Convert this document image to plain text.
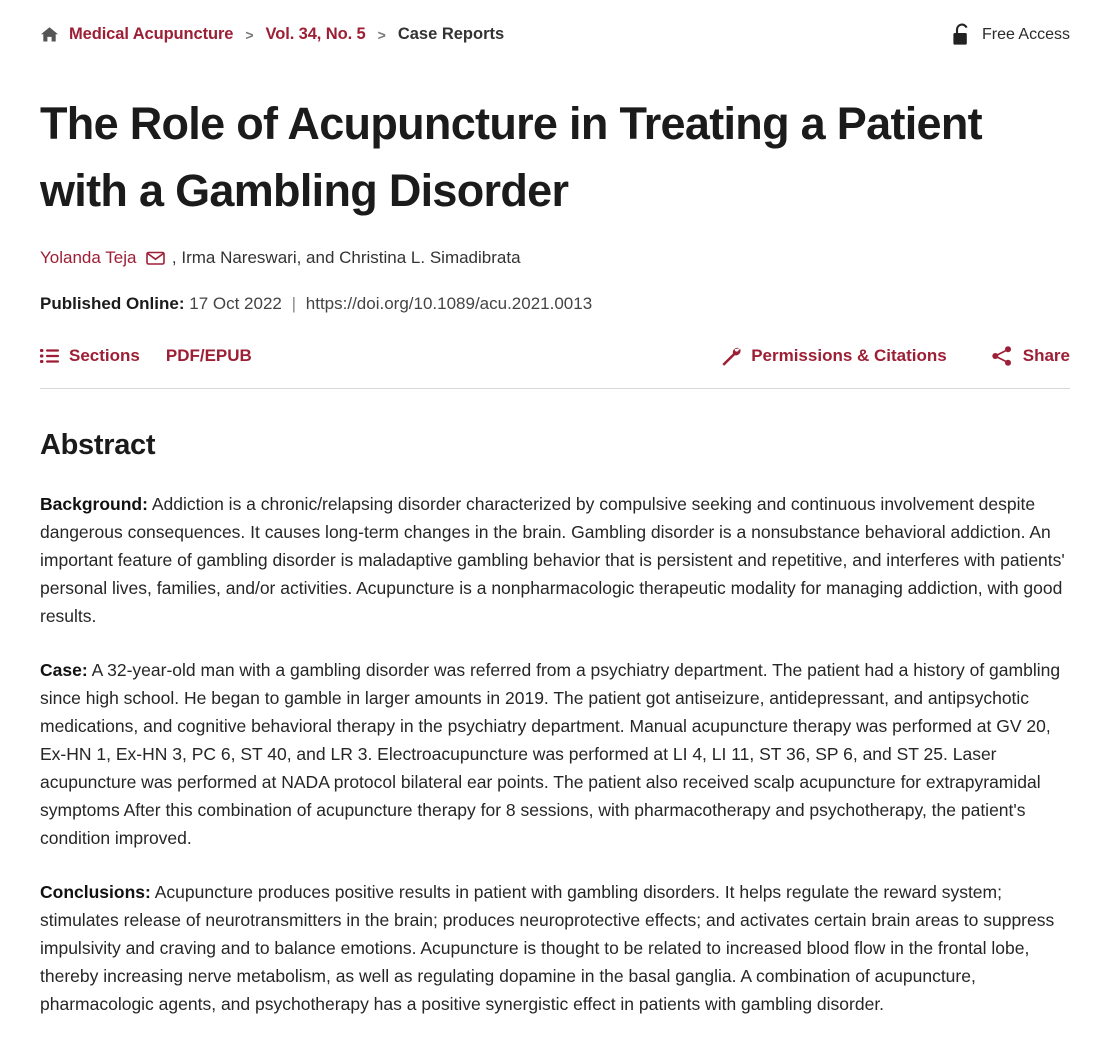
Medical Acupuncture > Vol. 34, No. 5 > Case Reports	Free Access
The Role of Acupuncture in Treating a Patient with a Gambling Disorder
Yolanda Teja , Irma Nareswari, and Christina L. Simadibrata
Published Online: 17 Oct 2022 | https://doi.org/10.1089/acu.2021.0013
Sections PDF/EPUB	Permissions & Citations	Share
Abstract

Background: Addiction is a chronic/relapsing disorder characterized by compulsive seeking and continuous involvement despite dangerous consequences. It causes long-term changes in the brain. Gambling disorder is a nonsubstance behavioral addiction. An important feature of gambling disorder is maladaptive gambling behavior that is persistent and repetitive, and interferes with patients' personal lives, families, and/or activities. Acupuncture is a nonpharmacologic therapeutic modality for managing addiction, with good results.

Case: A 32-year-old man with a gambling disorder was referred from a psychiatry department. The patient had a history of gambling since high school. He began to gamble in larger amounts in 2019. The patient got antiseizure, antidepressant, and antipsychotic medications, and cognitive behavioral therapy in the psychiatry department. Manual acupuncture therapy was performed at GV 20, Ex-HN 1, Ex-HN 3, PC 6, ST 40, and LR 3. Electroacupuncture was performed at LI 4, LI 11, ST 36, SP 6, and ST 25. Laser acupuncture was performed at NADA protocol bilateral ear points. The patient also received scalp acupuncture for extrapyramidal symptoms After this combination of acupuncture therapy for 8 sessions, with pharmacotherapy and psychotherapy, the patient's condition improved.

Conclusions: Acupuncture produces positive results in patient with gambling disorders. It helps regulate the reward system; stimulates release of neurotransmitters in the brain; produces neuroprotective effects; and activates certain brain areas to suppress impulsivity and craving and to balance emotions. Acupuncture is thought to be related to increased blood flow in the frontal lobe, thereby increasing nerve metabolism, as well as regulating dopamine in the basal ganglia. A combination of acupuncture, pharmacologic agents, and psychotherapy has a positive synergistic effect in patients with gambling disorder.
